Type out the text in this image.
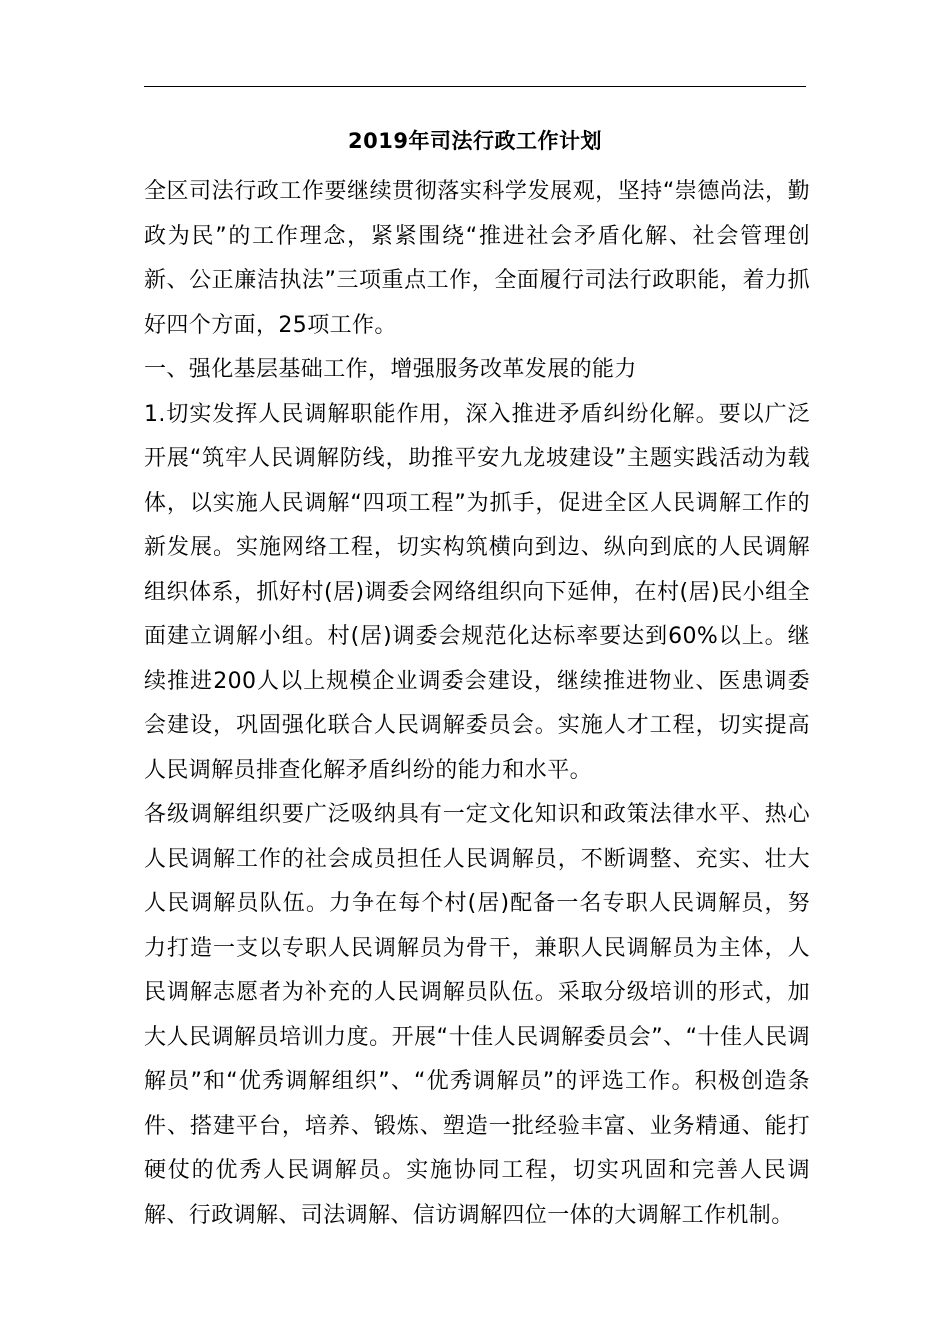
2019年司法行政工作计划

全区司法行政工作要继续贯彻落实科学发展观，坚持“崇德尚法，勤政为民”的工作理念，紧紧围绕“推进社会矛盾化解、社会管理创新、公正廉洁执法”三项重点工作，全面履行司法行政职能，着力抓好四个方面，25项工作。

一、强化基层基础工作，增强服务改革发展的能力

1.切实发挥人民调解职能作用，深入推进矛盾纠纷化解。要以广泛开展“筑牢人民调解防线，助推平安九龙坡建设”主题实践活动为载体，以实施人民调解“四项工程”为抓手，促进全区人民调解工作的新发展。实施网络工程，切实构筑横向到边、纵向到底的人民调解组织体系，抓好村(居)调委会网络组织向下延伸，在村(居)民小组全面建立调解小组。村(居)调委会规范化达标率要达到60%以上。继续推进200人以上规模企业调委会建设，继续推进物业、医患调委会建设，巩固强化联合人民调解委员会。实施人才工程，切实提高人民调解员排查化解矛盾纠纷的能力和水平。

各级调解组织要广泛吸纳具有一定文化知识和政策法律水平、热心人民调解工作的社会成员担任人民调解员，不断调整、充实、壮大人民调解员队伍。力争在每个村(居)配备一名专职人民调解员，努力打造一支以专职人民调解员为骨干，兼职人民调解员为主体，人民调解志愿者为补充的人民调解员队伍。采取分级培训的形式，加大人民调解员培训力度。开展“十佳人民调解委员会”、“十佳人民调解员”和“优秀调解组织”、“优秀调解员”的评选工作。积极创造条件、搭建平台，培养、锻炼、塑造一批经验丰富、业务精通、能打硬仗的优秀人民调解员。实施协同工程，切实巩固和完善人民调解、行政调解、司法调解、信访调解四位一体的大调解工作机制。
